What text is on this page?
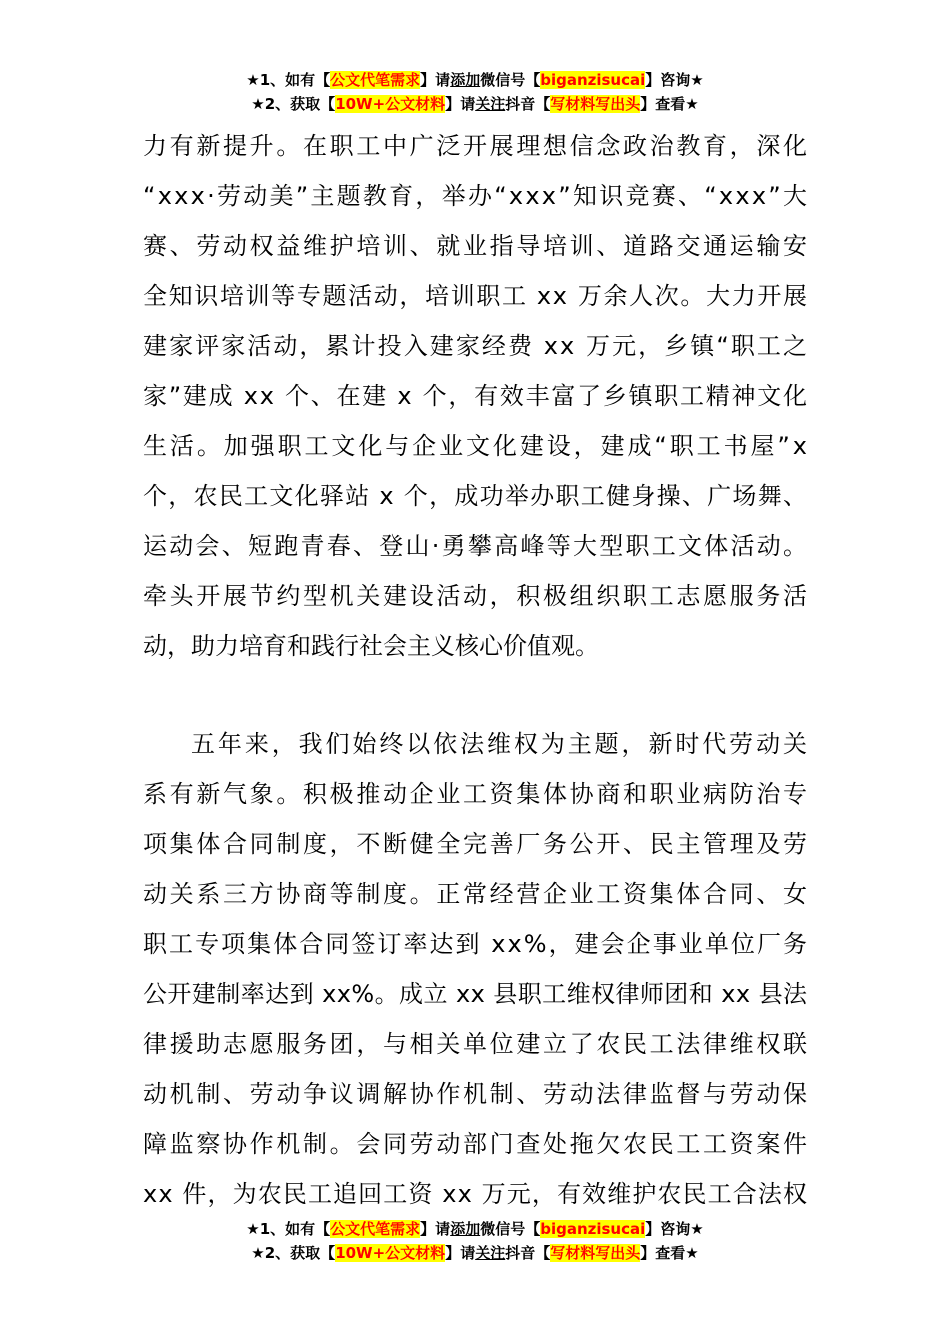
★1、如有【公文代笔需求】请添加微信号【biganzisucai】咨询★
★2、获取【10W+公文材料】请关注抖音【写材料写出头】查看★
力有新提升。在职工中广泛开展理想信念政治教育，深化
“xxx·劳动美”主题教育，举办“xxx”知识竞赛、“xxx”大
赛、劳动权益维护培训、就业指导培训、道路交通运输安
全知识培训等专题活动，培训职工 xx 万余人次。大力开展
建家评家活动，累计投入建家经费 xx 万元，乡镇“职工之
家”建成 xx 个、在建 x 个，有效丰富了乡镇职工精神文化
生活。加强职工文化与企业文化建设，建成“职工书屋”x
个，农民工文化驿站 x 个，成功举办职工健身操、广场舞、
运动会、短跑青春、登山·勇攀高峰等大型职工文体活动。
牵头开展节约型机关建设活动，积极组织职工志愿服务活
动，助力培育和践行社会主义核心价值观。
五年来，我们始终以依法维权为主题，新时代劳动关
系有新气象。积极推动企业工资集体协商和职业病防治专
项集体合同制度，不断健全完善厂务公开、民主管理及劳
动关系三方协商等制度。正常经营企业工资集体合同、女
职工专项集体合同签订率达到 xx%，建会企事业单位厂务
公开建制率达到 xx%。成立 xx 县职工维权律师团和 xx 县法
律援助志愿服务团，与相关单位建立了农民工法律维权联
动机制、劳动争议调解协作机制、劳动法律监督与劳动保
障监察协作机制。会同劳动部门查处拖欠农民工工资案件
xx 件，为农民工追回工资 xx 万元，有效维护农民工合法权
★1、如有【公文代笔需求】请添加微信号【biganzisucai】咨询★
★2、获取【10W+公文材料】请关注抖音【写材料写出头】查看★
